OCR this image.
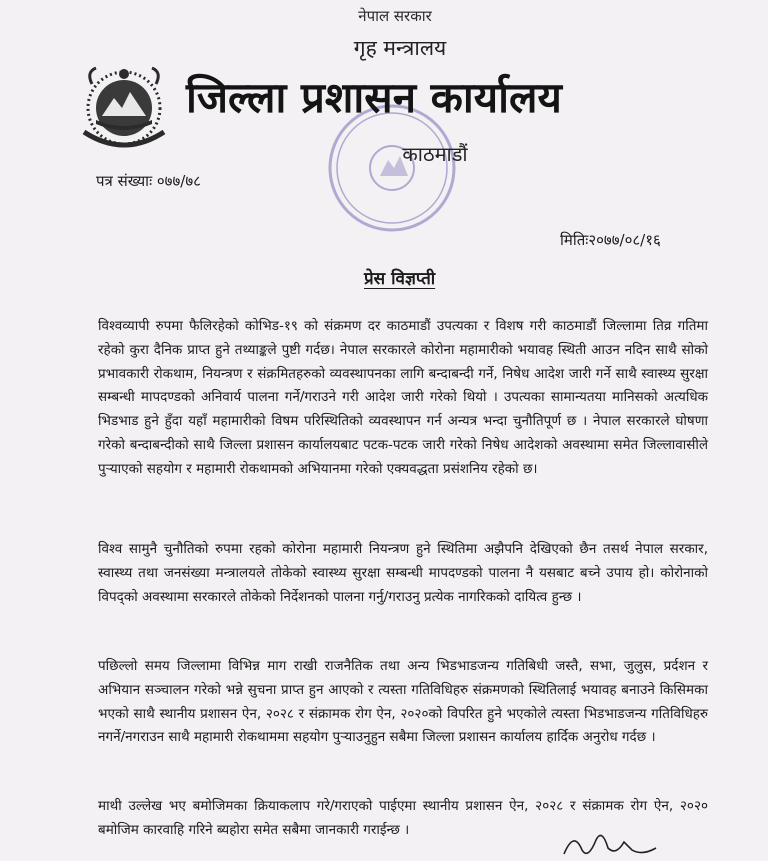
नेपाल सरकार
गृह मन्त्रालय
जिल्ला प्रशासन कार्यालय
काठमाडौं
पत्र संख्याः ०७७/७८
मितिः२०७७/०८/१६
प्रेस विज्ञप्ती

विश्वव्यापी रुपमा फैलिरहेको कोभिड-१९ को संक्रमण दर काठमाडौं उपत्यका र विशष गरी काठमाडौं जिल्लामा तिव्र गतिमा रहेको कुरा दैनिक प्राप्त हुने तथ्याङ्कले पुष्टी गर्दछ। नेपाल सरकारले कोरोना महामारीको भयावह स्थिती आउन नदिन साथै सोको प्रभावकारी रोकथाम, नियन्त्रण र संक्रमितहरुको व्यवस्थापनका लागि बन्दाबन्दी गर्ने, निषेध आदेश जारी गर्ने साथै स्वास्थ्य सुरक्षा सम्बन्धी मापदण्डको अनिवार्य पालना गर्ने/गराउने गरी आदेश जारी गरेको थियो । उपत्यका सामान्यतया मानिसको अत्यधिक भिडभाड हुने हुँदा यहाँ महामारीको विषम परिस्थितिको व्यवस्थापन गर्न अन्यत्र भन्दा चुनौतिपूर्ण छ । नेपाल सरकारले घोषणा गरेको बन्दाबन्दीको साथै जिल्ला प्रशासन कार्यालयबाट पटक-पटक जारी गरेको निषेध आदेशको अवस्थामा समेत जिल्लावासीले पुर्‍याएको सहयोग र महामारी रोकथामको अभियानमा गरेको एक्यवद्धता प्रसंशनिय रहेको छ।

विश्व सामुनै चुनौतिको रुपमा रहको कोरोना महामारी नियन्त्रण हुने स्थितिमा अझैपनि देखिएको छैन तसर्थ नेपाल सरकार, स्वास्थ्य तथा जनसंख्या मन्त्रालयले तोकेको स्वास्थ्य सुरक्षा सम्बन्धी मापदण्डको पालना नै यसबाट बच्ने उपाय हो। कोरोनाको विपद्को अवस्थामा सरकारले तोकेको निर्देशनको पालना गर्नु/गराउनु प्रत्येक नागरिकको दायित्व हुन्छ ।

पछिल्लो समय जिल्लामा विभिन्न माग राखी राजनैतिक तथा अन्य भिडभाडजन्य गतिबिधी जस्तै, सभा, जुलुस, प्रर्दशन र अभियान सञ्चालन गरेको भन्ने सुचना प्राप्त हुन आएको र त्यस्ता गतिविधिहरु संक्रमणको स्थितिलाई भयावह बनाउने किसिमका भएको साथै स्थानीय प्रशासन ऐन, २०२८ र संक्रामक रोग ऐन, २०२०को विपरित हुने भएकोले त्यस्ता भिडभाडजन्य गतिविधिहरु नगर्ने/नगराउन साथै महामारी रोकथाममा सहयोग पुर्‍याउनुहुन सबैमा जिल्ला प्रशासन कार्यालय हार्दिक अनुरोध गर्दछ ।

माथी उल्लेख भए बमोजिमका क्रियाकलाप गरे/गराएको पाईएमा स्थानीय प्रशासन ऐन, २०२८ र संक्रामक रोग ऐन, २०२० बमोजिम कारवाहि गरिने ब्यहोरा समेत सबैमा जानकारी गराईन्छ ।
